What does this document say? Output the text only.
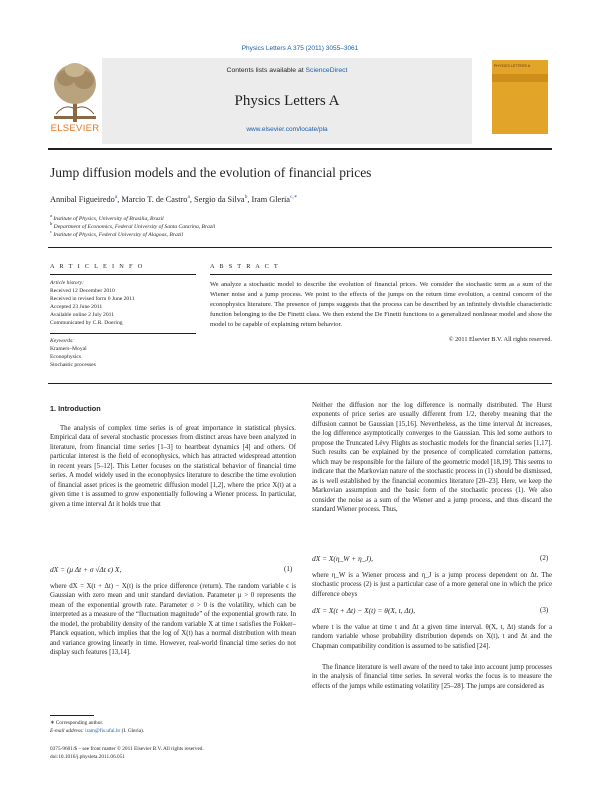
Physics Letters A 375 (2011) 3055–3061
ELSEVIER
Contents lists available at ScienceDirect
Physics Letters A
www.elsevier.com/locate/pla
PHYSICS LETTERS A
Jump diffusion models and the evolution of financial prices
Annibal Figueiredo$^a$, Marcio T. de Castro$^a$, Sergio da Silva$^b$, Iram Gleria$^{c,∗}$
$^a$ Institute of Physics, University of Brasilia, Brazil
$^b$ Department of Economics, Federal University of Santa Catarina, Brazil
$^c$ Institute of Physics, Federal University of Alagoas, Brazil
A R T I C L E I N F O
Article history:
Received 12 December 2010
Received in revised form 6 June 2011
Accepted 23 June 2011
Available online 2 July 2011
Communicated by C.R. Doering
Keywords:
Kramers–Moyal
Econophysics
Stochastic processes
A B S T R A C T
We analyze a stochastic model to describe the evolution of financial prices. We consider the stochastic term as a sum of the Wiener noise and a jump process. We point to the effects of the jumps on the return time evolution, a central concern of the econophysics literature. The presence of jumps suggests that the process can be described by an infinitely divisible characteristic function belonging to the De Finetti class. We then extend the De Finetti functions to a generalized nonlinear model and show the model to be capable of explaining return behavior.
© 2011 Elsevier B.V. All rights reserved.
1. Introduction
The analysis of complex time series is of great importance in statistical physics. Empirical data of several stochastic processes from distinct areas have been analyzed in literature, from financial time series [1–3] to heartbeat dynamics [4] and others. Of particular interest is the field of econophysics, which has attracted widespread attention in recent years [5–12]. This Letter focuses on the statistical behavior of financial time series. A model widely used in the econophysics literature to describe the time evolution of financial asset prices is the geometric diffusion model [1,2], where the price X(t) at a given time t is assumed to grow exponentially following a Wiener process. In particular, given a time interval Δt it holds true that
dX = (μ Δt + σ √Δt ϵ) X,	(1)
where dX = X(t + Δt) − X(t) is the price difference (return). The random variable ϵ is Gaussian with zero mean and unit standard deviation. Parameter μ > 0 represents the mean of the exponential growth rate. Parameter σ > 0 is the volatility, which can be interpreted as a measure of the “fluctuation magnitude” of the exponential growth rate. In the model, the probability density of the random variable X at time t satisfies the Fokker–Planck equation, which implies that the log of X(t) has a normal distribution with mean and variance growing linearly in time. However, real-world financial time series do not display such features [13,14].
Neither the diffusion nor the log difference is normally distributed. The Hurst exponents of price series are usually different from 1/2, thereby meaning that the diffusion cannot be Gaussian [15,16]. Nevertheless, as the time interval Δt increases, the log difference asymptotically converges to the Gaussian. This led some authors to propose the Truncated Lévy Flights as stochastic models for the financial series [1,17]. Such results can be explained by the presence of complicated correlation patterns, which may be responsible for the failure of the geometric model [18,19]. This seems to indicate that the Markovian nature of the stochastic process in (1) should be dismissed, as is well established by the financial economics literature [20–23]. Here, we keep the Markovian assumption and the basic form of the stochastic process (1). We also consider the noise as a sum of the Wiener and a jump process, and thus discard the standard Wiener process. Thus,
dX = X(η_W + η_J),	(2)
where η_W is a Wiener process and η_J is a jump process dependent on Δt. The stochastic process (2) is just a particular case of a more general one in which the price difference obeys
dX = X(t + Δt) − X(t) = θ(X, t, Δt),	(3)
where t is the value at time t and Δt a given time interval. θ(X, t, Δt) stands for a random variable whose probability distribution depends on X(t), t and Δt and the Chapman compatibility condition is assumed to be satisfied [24].
The finance literature is well aware of the need to take into account jump processes in the analysis of financial time series. In several works the focus is to measure the effects of the jumps while estimating volatility [25–28]. The jumps are considered as
∗ Corresponding author.
E-mail address: iram@fis.ufal.br (I. Gleria).
0375-9601/$ – see front matter © 2011 Elsevier B.V. All rights reserved.
doi:10.1016/j.physleta.2011.06.051
